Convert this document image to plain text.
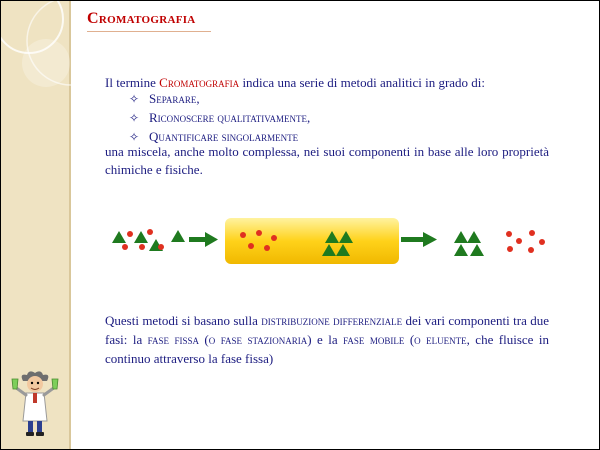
Cromatografia
Il termine Cromatografia indica una serie di metodi analitici in grado di:
✧ Separare,
✧ Riconoscere qualitativamente,
✧ Quantificare singolarmente
una miscela, anche molto complessa, nei suoi componenti in base alle loro proprietà chimiche e fisiche.
Questi metodi si basano sulla distribuzione differenziale dei vari componenti tra due fasi: la fase fissa (o fase stazionaria) e la fase mobile (o eluente, che fluisce in continuo attraverso la fase fissa)
